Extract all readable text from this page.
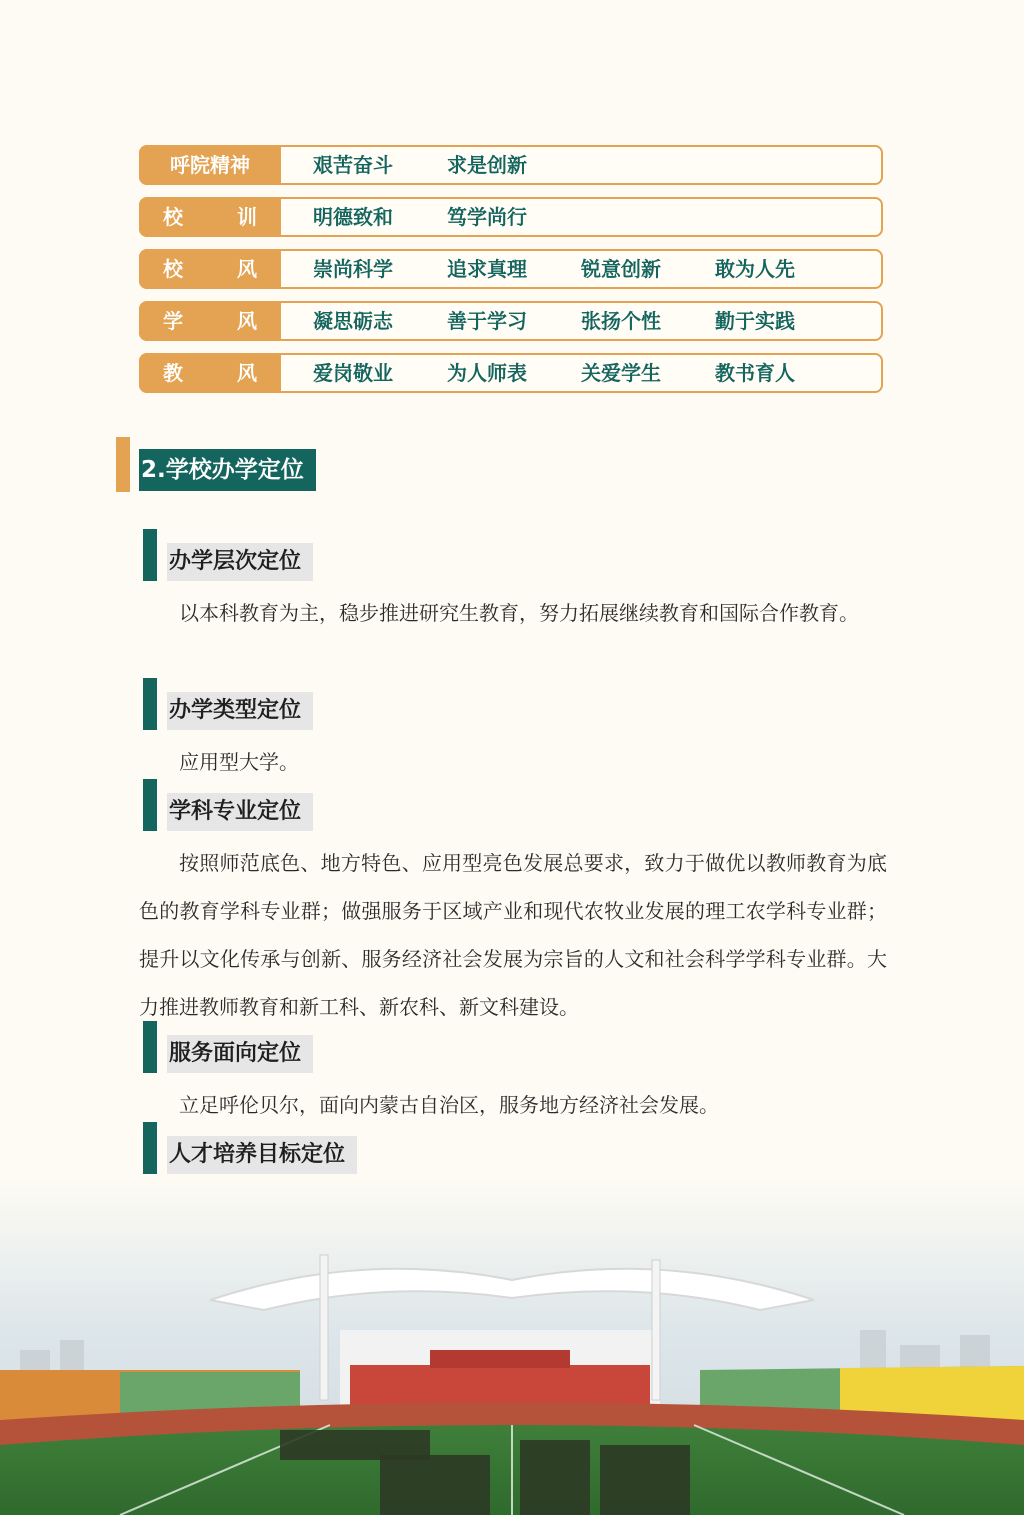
呼院精神	艰苦奋斗	求是创新
校	训	明德致和	笃学尚行
校	风	崇尚科学	追求真理	锐意创新	敢为人先
学	风	凝思砺志	善于学习	张扬个性	勤于实践
教	风	爱岗敬业	为人师表	关爱学生	教书育人
2.学校办学定位
办学层次定位

以本科教育为主，稳步推进研究生教育，努力拓展继续教育和国际合作教育。

办学类型定位

应用型大学。

学科专业定位

按照师范底色、地方特色、应用型亮色发展总要求，致力于做优以教师教育为底色的教育学科专业群；做强服务于区域产业和现代农牧业发展的理工农学科专业群；提升以文化传承与创新、服务经济社会发展为宗旨的人文和社会科学学科专业群。大力推进教师教育和新工科、新农科、新文科建设。

服务面向定位

立足呼伦贝尔，面向内蒙古自治区，服务地方经济社会发展。

人才培养目标定位
